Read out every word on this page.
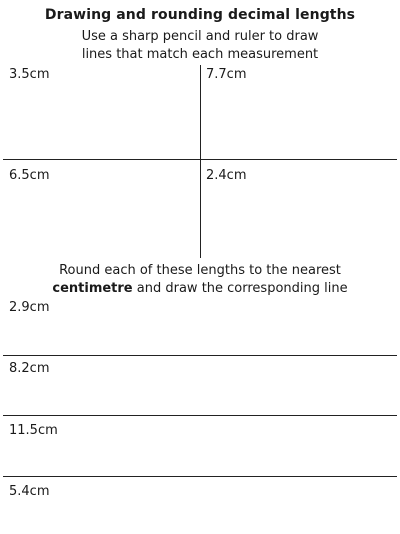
Drawing and rounding decimal lengths
Use a sharp pencil and ruler to draw
lines that match each measurement
3.5cm	7.7cm
6.5cm	2.4cm
Round each of these lengths to the nearest
centimetre and draw the corresponding line
2.9cm
8.2cm
11.5cm
5.4cm
